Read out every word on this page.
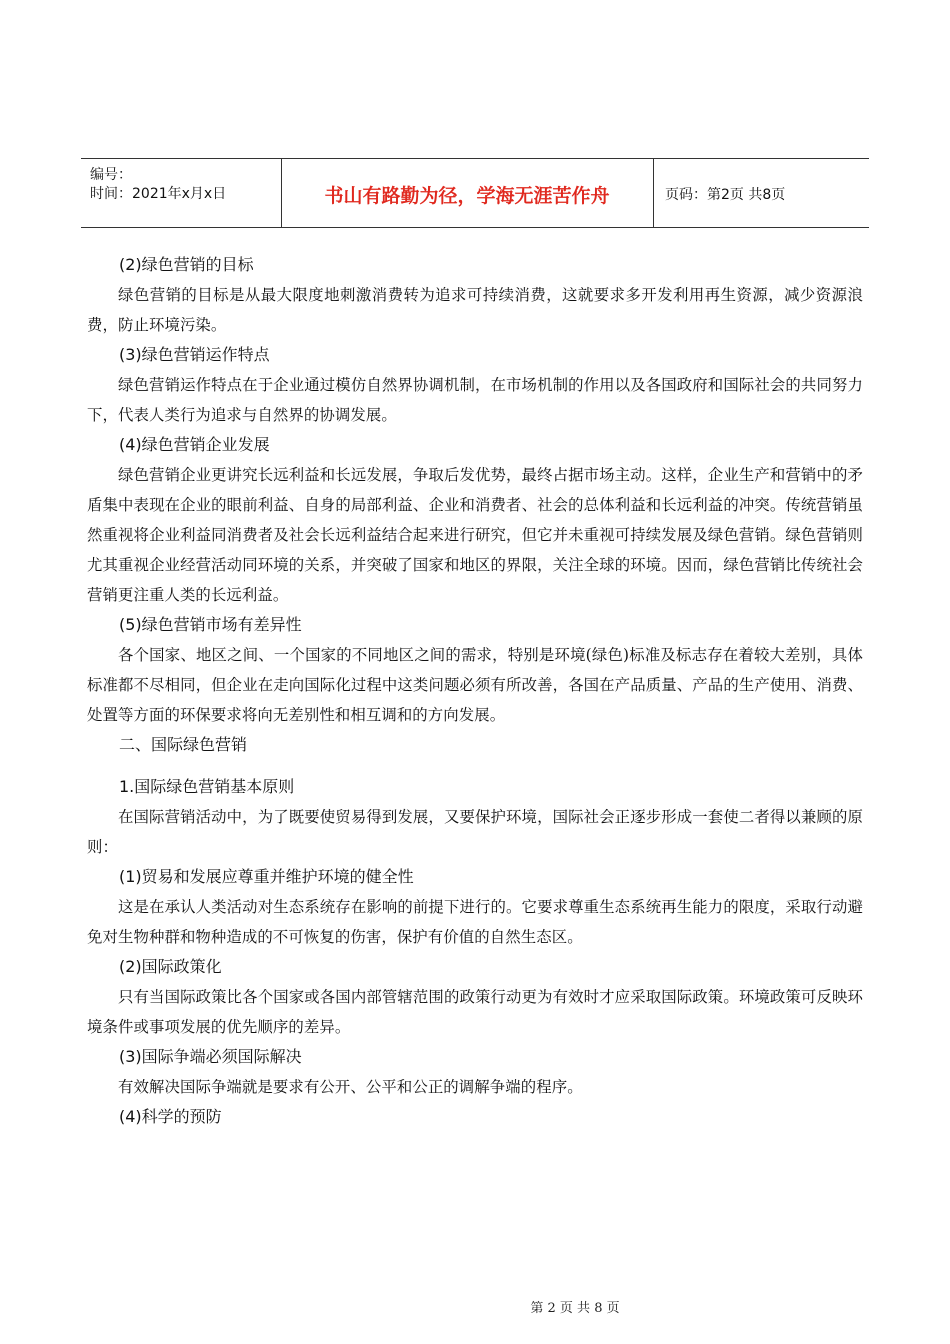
编号：
时间：2021年x月x日	书山有路勤为径，学海无涯苦作舟	页码：第2页 共8页
(2)绿色营销的目标
绿色营销的目标是从最大限度地刺激消费转为追求可持续消费，这就要求多开发利用再生资源，减少资源浪费，防止环境污染。
(3)绿色营销运作特点
绿色营销运作特点在于企业通过模仿自然界协调机制，在市场机制的作用以及各国政府和国际社会的共同努力下，代表人类行为追求与自然界的协调发展。
(4)绿色营销企业发展
绿色营销企业更讲究长远利益和长远发展，争取后发优势，最终占据市场主动。这样，企业生产和营销中的矛盾集中表现在企业的眼前利益、自身的局部利益、企业和消费者、社会的总体利益和长远利益的冲突。传统营销虽然重视将企业利益同消费者及社会长远利益结合起来进行研究，但它并未重视可持续发展及绿色营销。绿色营销则尤其重视企业经营活动同环境的关系，并突破了国家和地区的界限，关注全球的环境。因而，绿色营销比传统社会营销更注重人类的长远利益。
(5)绿色营销市场有差异性
各个国家、地区之间、一个国家的不同地区之间的需求，特别是环境(绿色)标准及标志存在着较大差别，具体标准都不尽相同，但企业在走向国际化过程中这类问题必须有所改善，各国在产品质量、产品的生产使用、消费、处置等方面的环保要求将向无差别性和相互调和的方向发展。
二、国际绿色营销
1.国际绿色营销基本原则
在国际营销活动中，为了既要使贸易得到发展，又要保护环境，国际社会正逐步形成一套使二者得以兼顾的原则：
(1)贸易和发展应尊重并维护环境的健全性
这是在承认人类活动对生态系统存在影响的前提下进行的。它要求尊重生态系统再生能力的限度，采取行动避免对生物种群和物种造成的不可恢复的伤害，保护有价值的自然生态区。
(2)国际政策化
只有当国际政策比各个国家或各国内部管辖范围的政策行动更为有效时才应采取国际政策。环境政策可反映环境条件或事项发展的优先顺序的差异。
(3)国际争端必须国际解决
有效解决国际争端就是要求有公开、公平和公正的调解争端的程序。
(4)科学的预防
第 2 页 共 8 页
